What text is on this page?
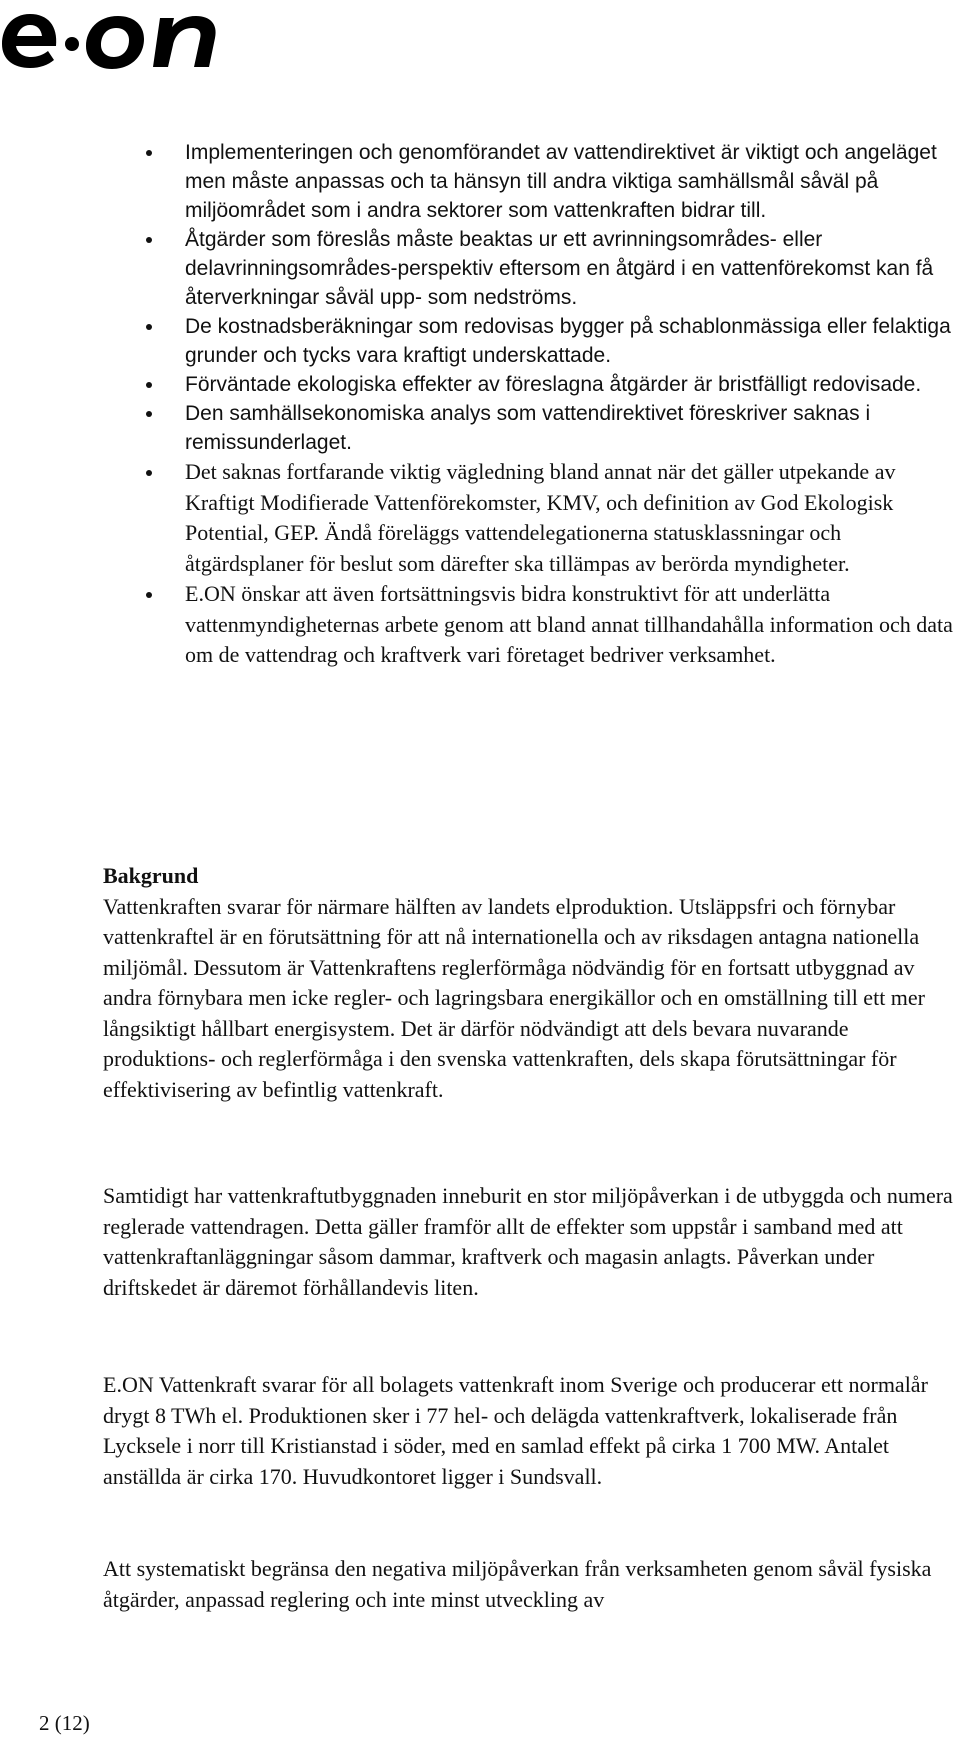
Implementeringen och genomförandet av vattendirektivet är viktigt och angeläget men måste anpassas och ta hänsyn till andra viktiga samhällsmål såväl på miljöområdet som i andra sektorer som vattenkraften bidrar till.
Åtgärder som föreslås måste beaktas ur ett avrinningsområdes- eller delavrinningsområdes-perspektiv eftersom en åtgärd i en vattenförekomst kan få återverkningar såväl upp- som nedströms.
De kostnadsberäkningar som redovisas bygger på schablonmässiga eller felaktiga grunder och tycks vara kraftigt underskattade.
Förväntade ekologiska effekter av föreslagna åtgärder är bristfälligt redovisade.
Den samhällsekonomiska analys som vattendirektivet föreskriver saknas i remissunderlaget.
Det saknas fortfarande viktig vägledning bland annat när det gäller utpekande av Kraftigt Modifierade Vattenförekomster, KMV, och definition av God Ekologisk Potential, GEP. Ändå föreläggs vattendelegationerna statusklassningar och åtgärdsplaner för beslut som därefter ska tillämpas av berörda myndigheter.
E.ON önskar att även fortsättningsvis bidra konstruktivt för att underlätta vattenmyndigheternas arbete genom att bland annat tillhandahålla information och data om de vattendrag och kraftverk vari företaget bedriver verksamhet.
Bakgrund
Vattenkraften svarar för närmare hälften av landets elproduktion. Utsläppsfri och förnybar vattenkraftel är en förutsättning för att nå internationella och av riksdagen antagna nationella miljömål. Dessutom är Vattenkraftens reglerförmåga nödvändig för en fortsatt utbyggnad av andra förnybara men icke regler- och lagringsbara energikällor och en omställning till ett mer långsiktigt hållbart energisystem. Det är därför nödvändigt att dels bevara nuvarande produktions- och reglerförmåga i den svenska vattenkraften, dels skapa förutsättningar för effektivisering av befintlig vattenkraft.

Samtidigt har vattenkraftutbyggnaden inneburit en stor miljöpåverkan i de utbyggda och numera reglerade vattendragen. Detta gäller framför allt de effekter som uppstår i samband med att vattenkraftanläggningar såsom dammar, kraftverk och magasin anlagts. Påverkan under driftskedet är däremot förhållandevis liten.

E.ON Vattenkraft svarar för all bolagets vattenkraft inom Sverige och producerar ett normalår drygt 8 TWh el. Produktionen sker i 77 hel- och delägda vattenkraftverk, lokaliserade från Lycksele i norr till Kristianstad i söder, med en samlad effekt på cirka 1 700 MW. Antalet anställda är cirka 170. Huvudkontoret ligger i Sundsvall.

Att systematiskt begränsa den negativa miljöpåverkan från verksamheten genom såväl fysiska åtgärder, anpassad reglering och inte minst utveckling av

2 (12)
